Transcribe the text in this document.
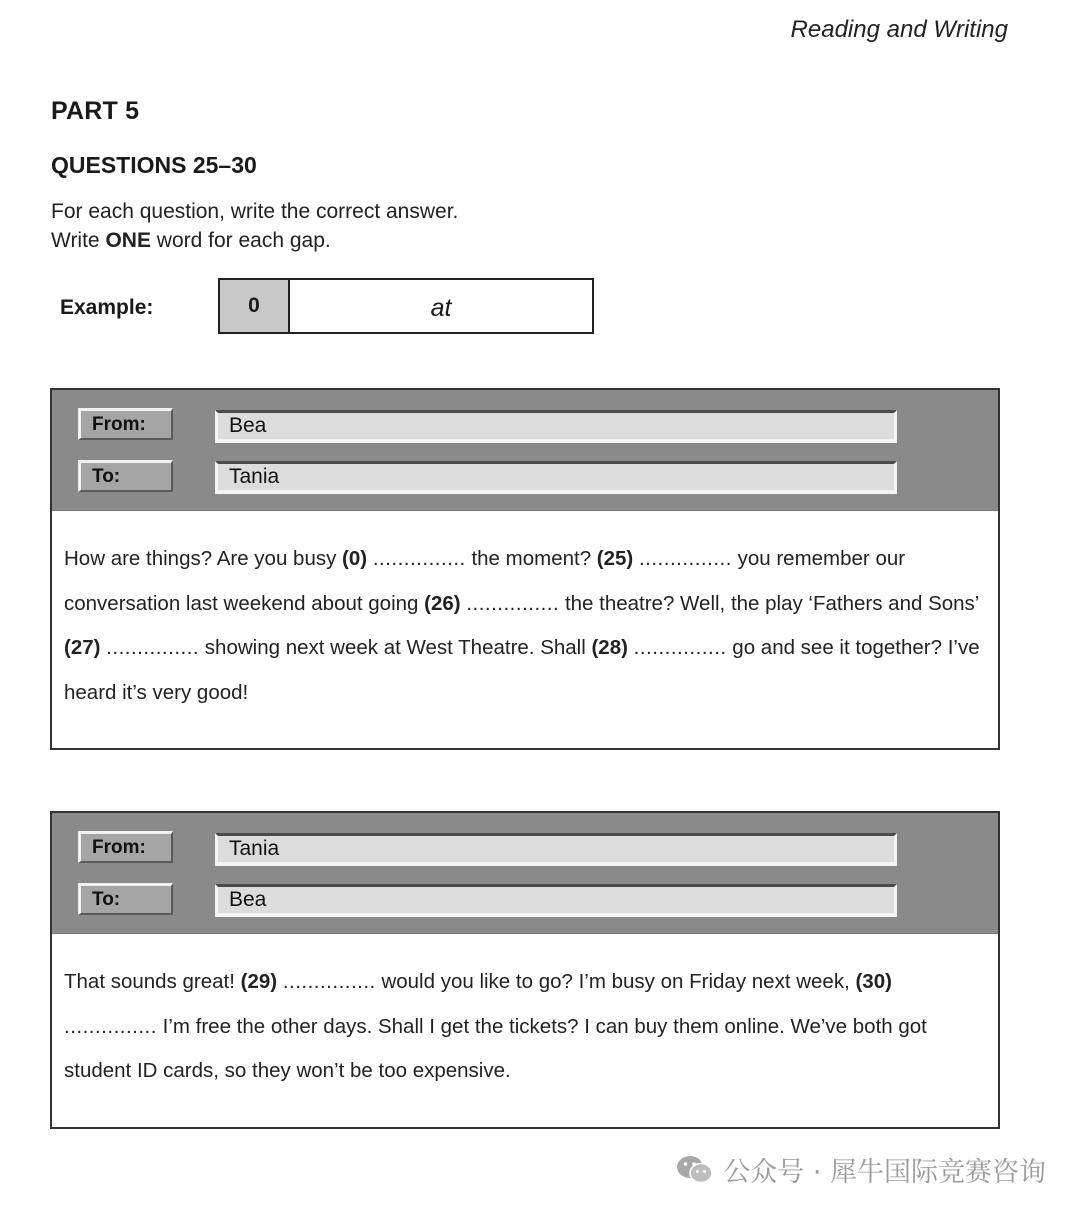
Reading and Writing
PART 5
QUESTIONS 25–30
For each question, write the correct answer.
Write ONE word for each gap.
Example:	0	at
From:	Bea
To:	Tania
How are things? Are you busy (0) ............... the moment? (25) ............... you remember our conversation last weekend about going (26) ............... the theatre? Well, the play ‘Fathers and Sons’ (27) ............... showing next week at West Theatre. Shall (28) ............... go and see it together? I’ve heard it’s very good!
From:	Tania
To:	Bea
That sounds great! (29) ............... would you like to go? I’m busy on Friday next week, (30) ............... I’m free the other days. Shall I get the tickets? I can buy them online. We’ve both got student ID cards, so they won’t be too expensive.
公众号 · 犀牛国际竞赛咨询
